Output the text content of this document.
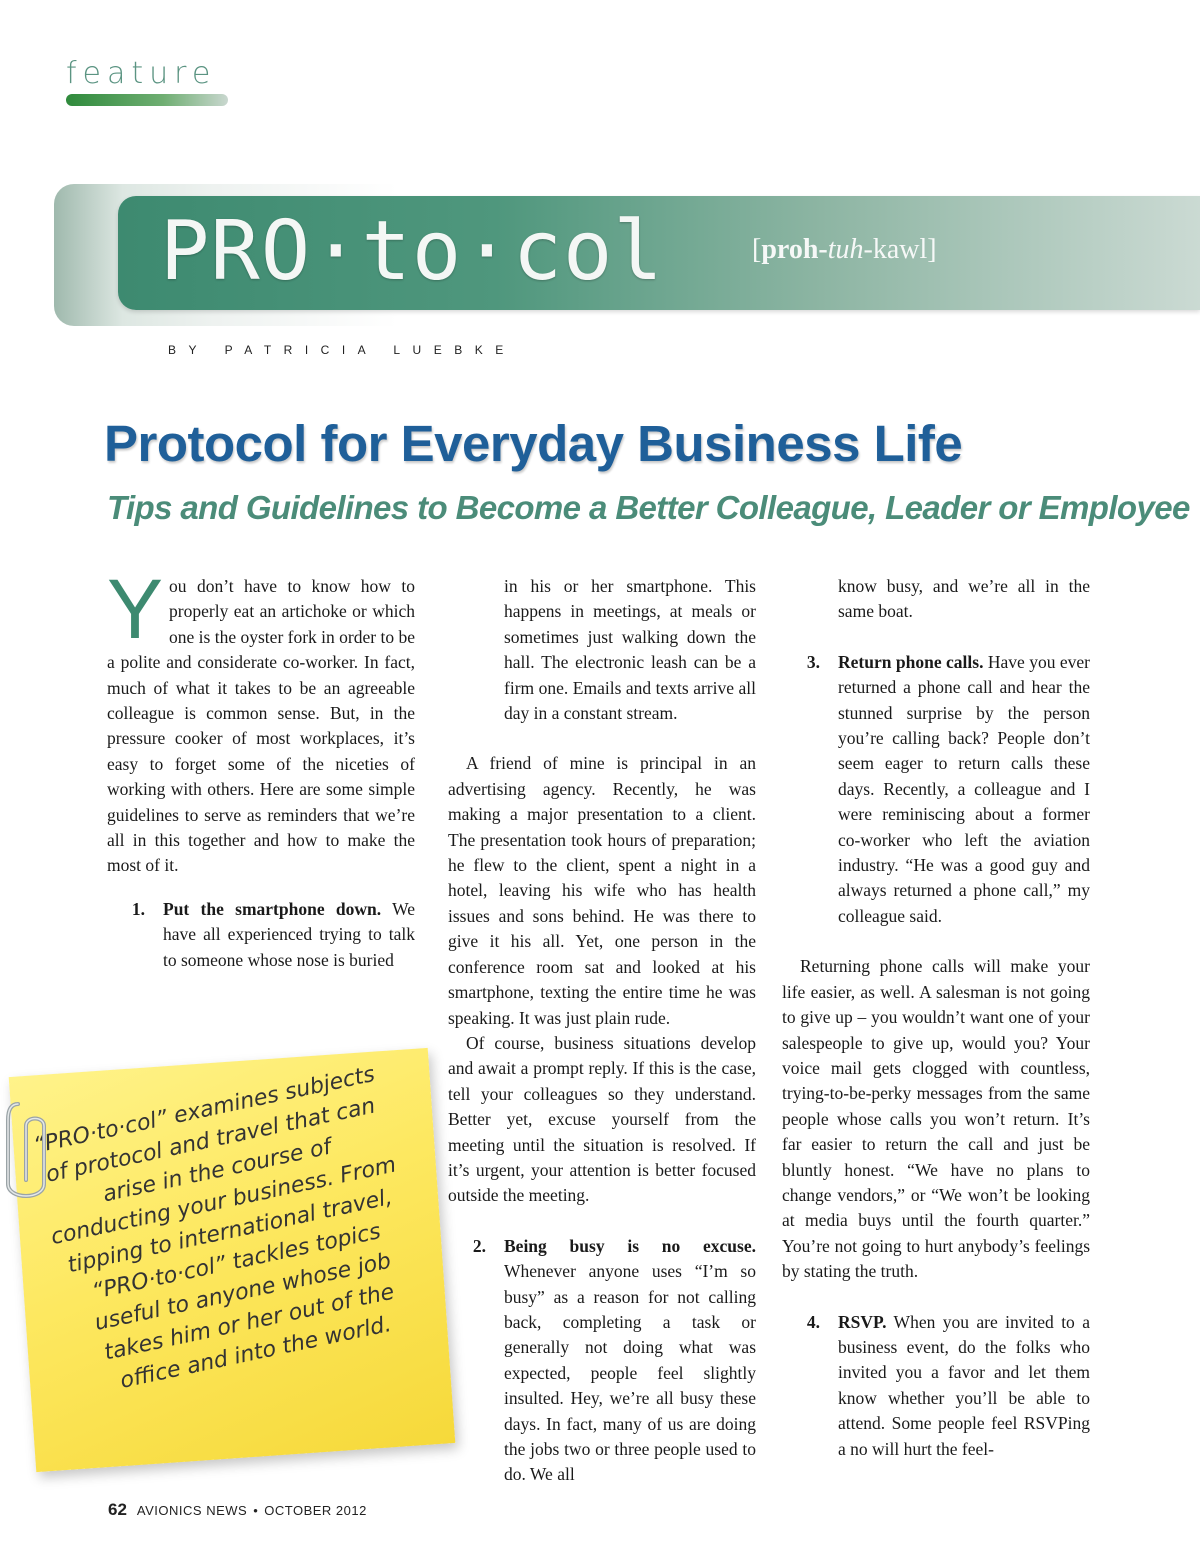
feature
PRO·to·col	[proh-tuh-kawl]
BY PATRICIA LUEBKE
Protocol for Everyday Business Life
Tips and Guidelines to Become a Better Colleague, Leader or Employee

You don’t have to know how to properly eat an artichoke or which one is the oyster fork in order to be a polite and considerate co-worker. In fact, much of what it takes to be an agreeable colleague is common sense. But, in the pressure cooker of most workplaces, it’s easy to forget some of the niceties of working with others. Here are some simple guidelines to serve as reminders that we’re all in this together and how to make the most of it.

1.	Put the smartphone down. We have all experienced trying to talk to someone whose nose is buried

in his or her smartphone. This happens in meetings, at meals or sometimes just walking down the hall. The electronic leash can be a firm one. Emails and texts arrive all day in a constant stream.

A friend of mine is principal in an advertising agency. Recently, he was making a major presentation to a client. The presentation took hours of preparation; he flew to the client, spent a night in a hotel, leaving his wife who has health issues and sons behind. He was there to give it his all. Yet, one person in the conference room sat and looked at his smartphone, texting the entire time he was speaking. It was just plain rude.

Of course, business situations develop and await a prompt reply. If this is the case, tell your colleagues so they understand. Better yet, excuse yourself from the meeting until the situation is resolved. If it’s urgent, your attention is better focused outside the meeting.

2.	Being busy is no excuse. Whenever anyone uses “I’m so busy” as a reason for not calling back, completing a task or generally not doing what was expected, people feel slightly insulted. Hey, we’re all busy these days. In fact, many of us are doing the jobs two or three people used to do. We all

know busy, and we’re all in the same boat.

3.	Return phone calls. Have you ever returned a phone call and hear the stunned surprise by the person you’re calling back? People don’t seem eager to return calls these days. Recently, a colleague and I were reminiscing about a former co-worker who left the aviation industry. “He was a good guy and always returned a phone call,” my colleague said.

Returning phone calls will make your life easier, as well. A salesman is not going to give up – you wouldn’t want one of your salespeople to give up, would you? Your voice mail gets clogged with countless, trying-to-be-perky messages from the same people whose calls you won’t return. It’s far easier to return the call and just be bluntly honest. “We have no plans to change vendors,” or “We won’t be looking at media buys until the fourth quarter.” You’re not going to hurt anybody’s feelings by stating the truth.

4.	RSVP. When you are invited to a business event, do the folks who invited you a favor and let them know whether you’ll be able to attend. Some people feel RSVPing a no will hurt the feel-
“PRO·to·col” examines subjects of protocol and travel that can arise in the course of conducting your business. From tipping to international travel, “PRO·to·col” tackles topics useful to anyone whose job takes him or her out of the office and into the world.
62 AVIONICS NEWS • OCTOBER 2012
